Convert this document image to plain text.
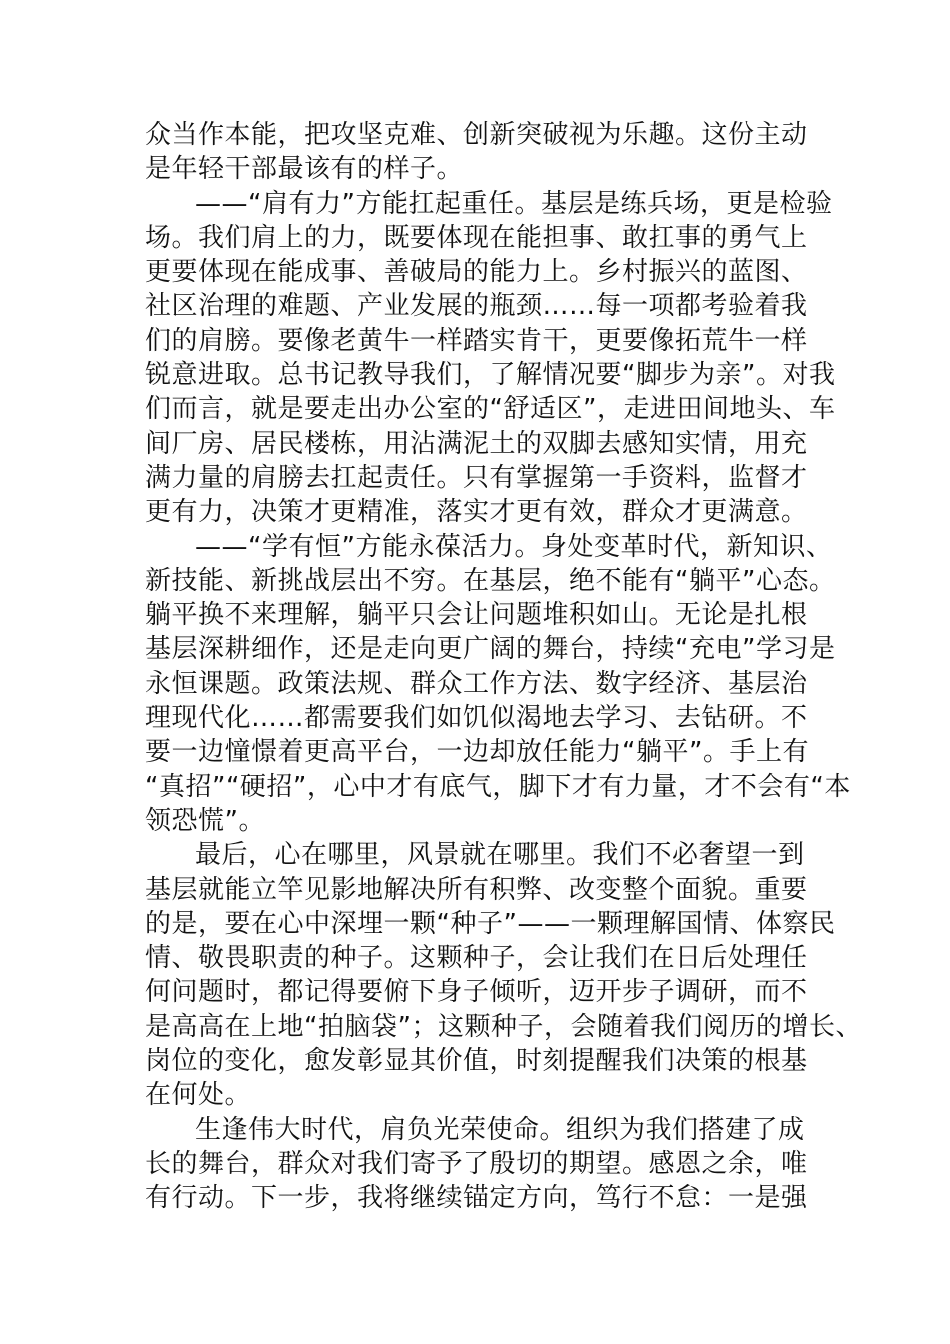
众当作本能，把攻坚克难、创新突破视为乐趣。这份主动
是年轻干部最该有的样子。
——“肩有力”方能扛起重任。基层是练兵场，更是检验
场。我们肩上的力，既要体现在能担事、敢扛事的勇气上
更要体现在能成事、善破局的能力上。乡村振兴的蓝图、
社区治理的难题、产业发展的瓶颈……每一项都考验着我
们的肩膀。要像老黄牛一样踏实肯干，更要像拓荒牛一样
锐意进取。总书记教导我们，了解情况要“脚步为亲”。对我
们而言，就是要走出办公室的“舒适区”，走进田间地头、车
间厂房、居民楼栋，用沾满泥土的双脚去感知实情，用充
满力量的肩膀去扛起责任。只有掌握第一手资料，监督才
更有力，决策才更精准，落实才更有效，群众才更满意。
——“学有恒”方能永葆活力。身处变革时代，新知识、
新技能、新挑战层出不穷。在基层，绝不能有“躺平”心态。
躺平换不来理解，躺平只会让问题堆积如山。无论是扎根
基层深耕细作，还是走向更广阔的舞台，持续“充电”学习是
永恒课题。政策法规、群众工作方法、数字经济、基层治
理现代化……都需要我们如饥似渴地去学习、去钻研。不
要一边憧憬着更高平台，一边却放任能力“躺平”。手上有
“真招”“硬招”，心中才有底气，脚下才有力量，才不会有“本
领恐慌”。
最后，心在哪里，风景就在哪里。我们不必奢望一到
基层就能立竿见影地解决所有积弊、改变整个面貌。重要
的是，要在心中深埋一颗“种子”——一颗理解国情、体察民
情、敬畏职责的种子。这颗种子，会让我们在日后处理任
何问题时，都记得要俯下身子倾听，迈开步子调研，而不
是高高在上地“拍脑袋”；这颗种子，会随着我们阅历的增长、
岗位的变化，愈发彰显其价值，时刻提醒我们决策的根基
在何处。
生逢伟大时代，肩负光荣使命。组织为我们搭建了成
长的舞台，群众对我们寄予了殷切的期望。感恩之余，唯
有行动。下一步，我将继续锚定方向，笃行不怠：一是强
